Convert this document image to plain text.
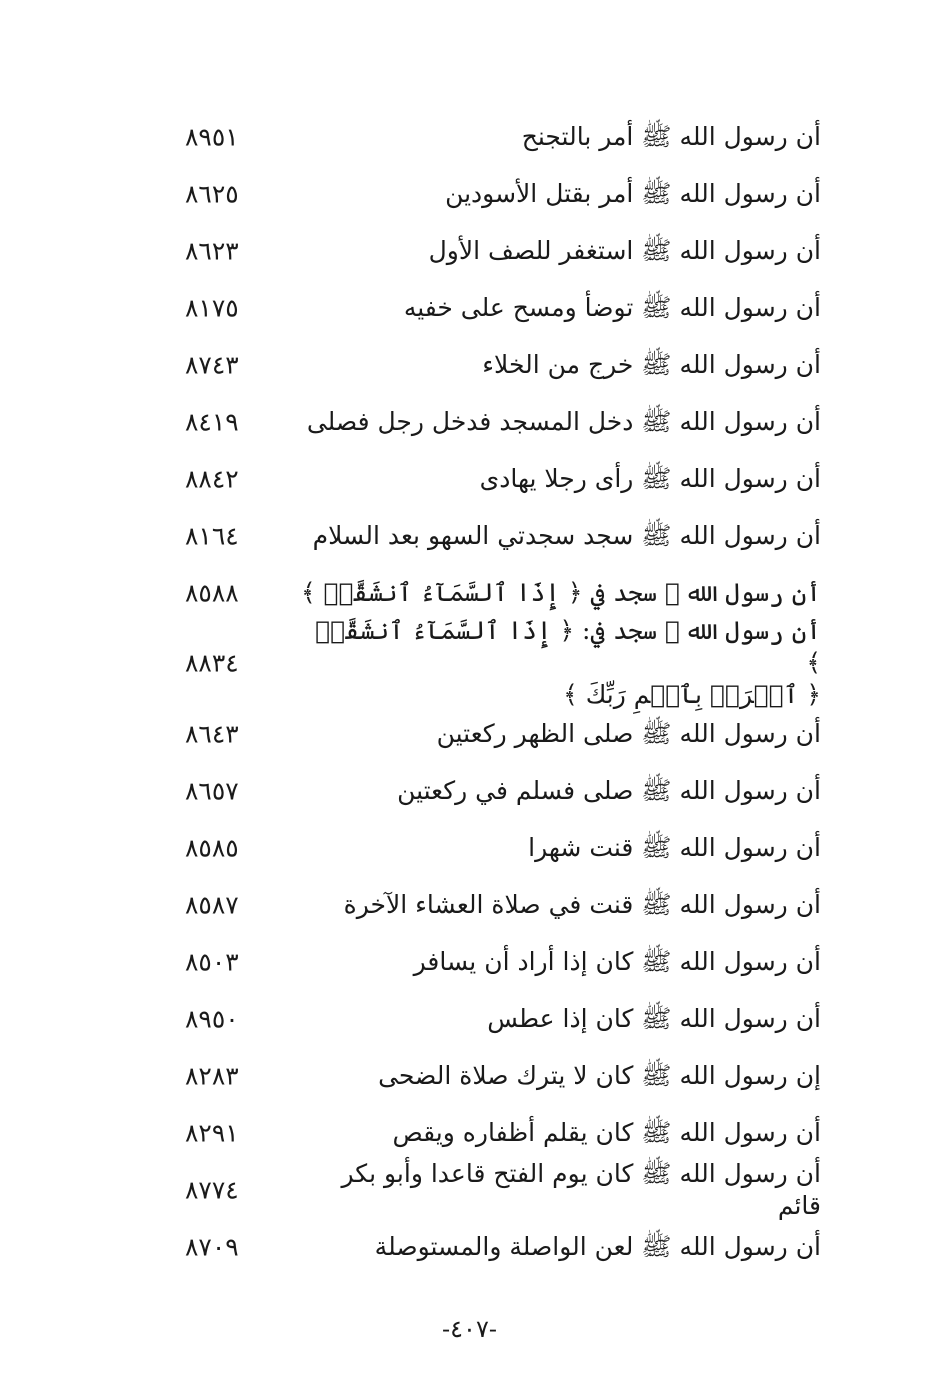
أن رسول الله ﷺ أمر بالتجنح
٨٩٥١
أن رسول الله ﷺ أمر بقتل الأسودين
٨٦٢٥
أن رسول الله ﷺ استغفر للصف الأول
٨٦٢٣
أن رسول الله ﷺ توضأ ومسح على خفيه
٨١٧٥
أن رسول الله ﷺ خرج من الخلاء
٨٧٤٣
أن رسول الله ﷺ دخل المسجد فدخل رجل فصلى
٨٤١٩
أن رسول الله ﷺ رأى رجلا يهادى
٨٨٤٢
أن رسول الله ﷺ سجد سجدتي السهو بعد السلام
٨١٦٤
أن رسول الله ﷺ سجد في ﴿ إِذَا ٱلسَّمَآءُ ٱنشَقَّتۡ ﴾
٨٥٨٨
أن رسول الله ﷺ سجد في: ﴿ إِذَا ٱلسَّمَآءُ ٱنشَقَّتۡ ﴾
﴿ ٱقۡرَأۡ بِٱسۡمِ رَبِّكَ ﴾
٨٨٣٤
أن رسول الله ﷺ صلى الظهر ركعتين
٨٦٤٣
أن رسول الله ﷺ صلى فسلم في ركعتين
٨٦٥٧
أن رسول الله ﷺ قنت شهرا
٨٥٨٥
أن رسول الله ﷺ قنت في صلاة العشاء الآخرة
٨٥٨٧
أن رسول الله ﷺ كان إذا أراد أن يسافر
٨٥٠٣
أن رسول الله ﷺ كان إذا عطس
٨٩٥٠
إن رسول الله ﷺ كان لا يترك صلاة الضحى
٨٢٨٣
أن رسول الله ﷺ كان يقلم أظفاره ويقص
٨٢٩١
أن رسول الله ﷺ كان يوم الفتح قاعدا وأبو بكر قائم
٨٧٧٤
أن رسول الله ﷺ لعن الواصلة والمستوصلة
٨٧٠٩
-٤٠٧-
